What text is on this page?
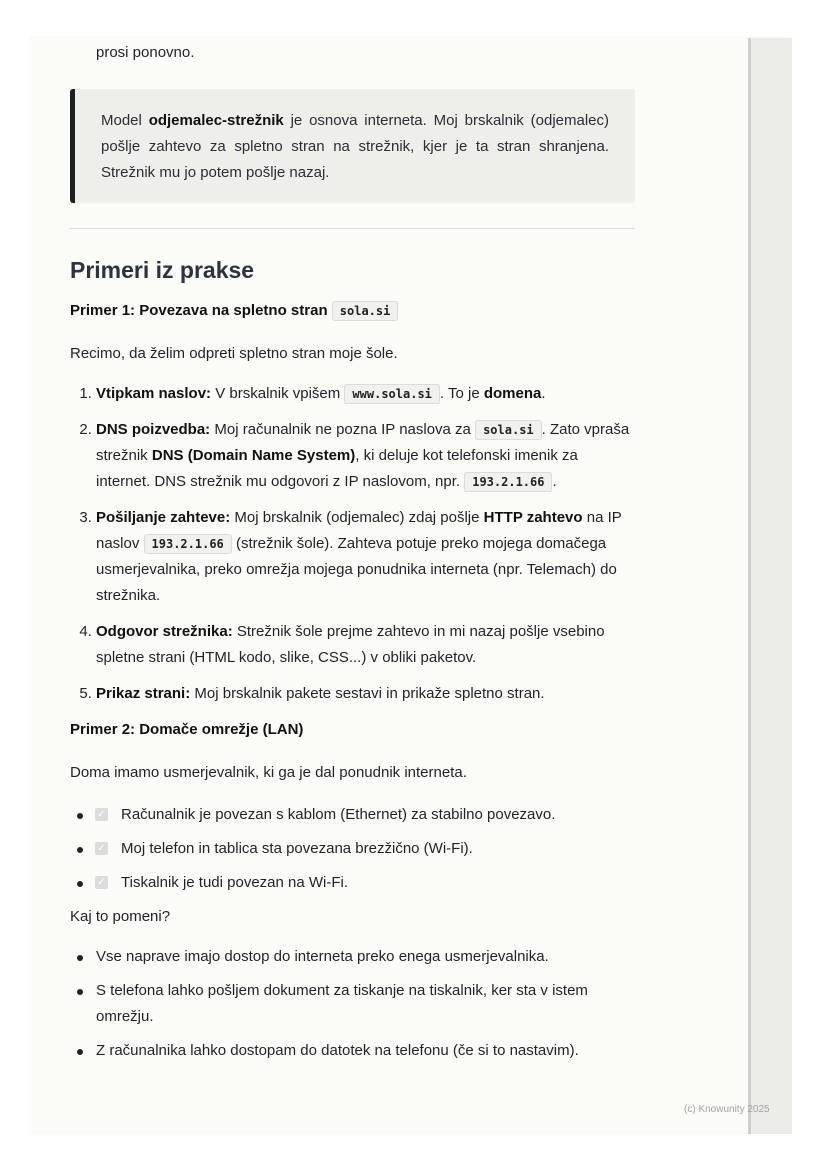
prosi ponovno.

Model odjemalec-strežnik je osnova interneta. Moj brskalnik (odjemalec) pošlje zahtevo za spletno stran na strežnik, kjer je ta stran shranjena. Strežnik mu jo potem pošlje nazaj.
Primeri iz prakse
Primer 1: Povezava na spletno stran sola.si

Recimo, da želim odpreti spletno stran moje šole.

1. Vtipkam naslov: V brskalnik vpišem www.sola.si . To je domena.
2. DNS poizvedba: Moj računalnik ne pozna IP naslova za sola.si . Zato vpraša strežnik DNS (Domain Name System), ki deluje kot telefonski imenik za internet. DNS strežnik mu odgovori z IP naslovom, npr. 193.2.1.66 .
3. Pošiljanje zahteve: Moj brskalnik (odjemalec) zdaj pošlje HTTP zahtevo na IP naslov 193.2.1.66 (strežnik šole). Zahteva potuje preko mojega domačega usmerjevalnika, preko omrežja mojega ponudnika interneta (npr. Telemach) do strežnika.
4. Odgovor strežnika: Strežnik šole prejme zahtevo in mi nazaj pošlje vsebino spletne strani (HTML kodo, slike, CSS...) v obliki paketov.
5. Prikaz strani: Moj brskalnik pakete sestavi in prikaže spletno stran.
Primer 2: Domače omrežje (LAN)

Doma imamo usmerjevalnik, ki ga je dal ponudnik interneta.

✓ Računalnik je povezan s kablom (Ethernet) za stabilno povezavo.
✓ Moj telefon in tablica sta povezana brezžično (Wi-Fi).
✓ Tiskalnik je tudi povezan na Wi-Fi.

Kaj to pomeni?

Vse naprave imajo dostop do interneta preko enega usmerjevalnika.
S telefona lahko pošljem dokument za tiskanje na tiskalnik, ker sta v istem omrežju.
Z računalnika lahko dostopam do datotek na telefonu (če si to nastavim).
(c) Knowunity 2025
